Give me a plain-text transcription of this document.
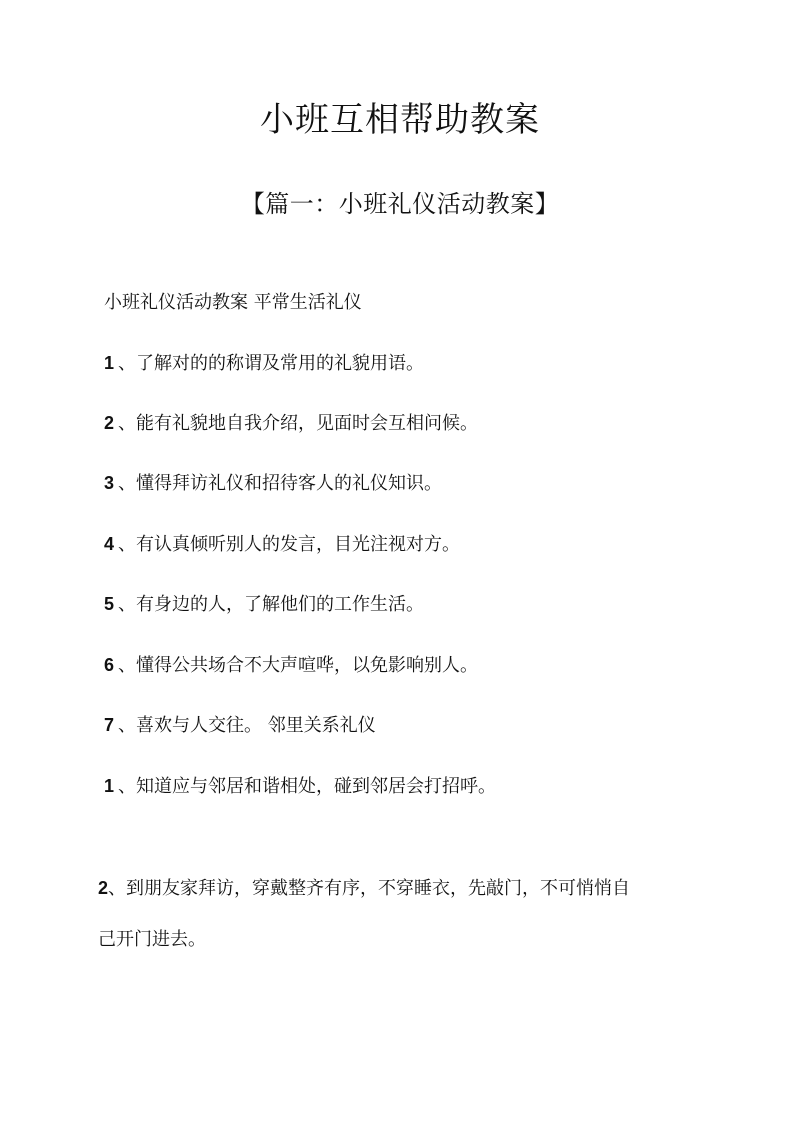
小班互相帮助教案
【篇一：小班礼仪活动教案】
小班礼仪活动教案 平常生活礼仪
1 、了解对的的称谓及常用的礼貌用语。
2 、能有礼貌地自我介绍，见面时会互相问候。
3 、懂得拜访礼仪和招待客人的礼仪知识。
4 、有认真倾听别人的发言，目光注视对方。
5 、有身边的人，了解他们的工作生活。
6 、懂得公共场合不大声喧哗，以免影响别人。
7 、喜欢与人交往。 邻里关系礼仪
1 、知道应与邻居和谐相处，碰到邻居会打招呼。
2、到朋友家拜访，穿戴整齐有序，不穿睡衣，先敲门，不可悄悄自
己开门进去。
